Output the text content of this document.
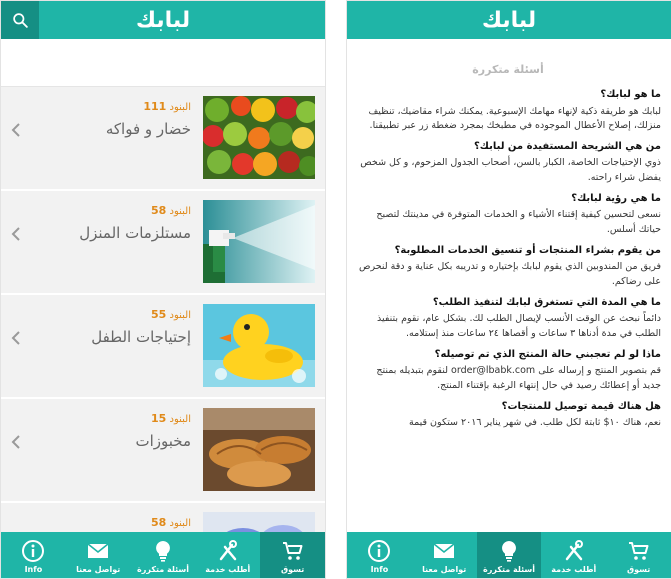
لبابك
البنود 111
خضار و فواكه
البنود 58
مستلزمات المنزل
البنود 55
إحتياجات الطفل
البنود 15
مخبوزات
البنود 58
تسوق
أطلب خدمة
أسئلة متكررة
تواصل معنا
Info
لبابك
أسئلة متكررة
ما هو لبابك؟
لبابك هو طريقة ذكية لإنهاء مهامك الإسبوعية. يمكنك شراء مقاضيك، تنظيف منزلك، إصلاح الأعطال الموجوده في مطبخك بمجرد ضغطة زر عبر تطبيقنا.
من هي الشريحة المستفيدة من لبابك؟
ذوي الإحتياجات الخاصة، الكبار بالسن، أصحاب الجدول المزحوم، و كل شخص يفضل شراء راحته.
ما هي رؤية لبابك؟
نسعى لتحسين كيفية إقتناء الأشياء و الخدمات المتوفرة في مدينتك لتصبح حياتك أسلس.
من يقوم بشراء المنتجات أو تنسيق الخدمات المطلوبة؟
فريق من المندوبين الذي يقوم لبابك بإختياره و تدريبه بكل عناية و دقة لنحرص على رضاكم.
ما هي المدة التي تستغرق لبابك لتنفيذ الطلب؟
دائماً نبحث عن الوقت الأنسب لإيصال الطلب لك. بشكل عام، نقوم بتنفيذ الطلب في مدة أدناها ٣ ساعات و أقصاها ٢٤ ساعات منذ إستلامه.
ماذا لو لم تعجبني حالة المنتج الذي تم توصيله؟
قم بتصوير المنتج و إرساله على order@lbabk.com لنقوم بتبديله بمنتج جديد أو إعطائك رصيد في حال إنتهاء الرغبة بإقتناء المنتج.
هل هناك قيمة توصيل للمنتجات؟
نعم، هناك ١٠$ ثابتة لكل طلب. في شهر يناير ٢٠١٦ ستكون قيمة
تسوق
أطلب خدمة
أسئلة متكررة
تواصل معنا
Info
